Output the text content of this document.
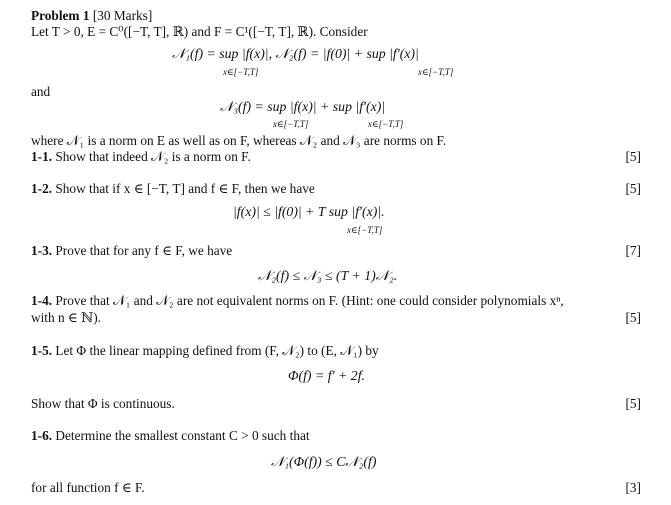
Problem 1 [30 Marks]
Let T > 0, E = C⁰([−T, T], ℝ) and F = C¹([−T, T], ℝ). Consider
𝒩₁(f) = sup |f(x)|, 𝒩₂(f) = |f(0)| + sup |f′(x)|
x∈[−T,T]	x∈[−T,T]
and
𝒩₃(f) = sup |f(x)| + sup |f′(x)|
x∈[−T,T]	x∈[−T,T]
where 𝒩₁ is a norm on E as well as on F, whereas 𝒩₂ and 𝒩₃ are norms on F.
1-1. Show that indeed 𝒩₂ is a norm on F.	[5]
1-2. Show that if x ∈ [−T, T] and f ∈ F, then we have	[5]
|f(x)| ≤ |f(0)| + T sup |f′(x)|.
x∈[−T,T]
1-3. Prove that for any f ∈ F, we have	[7]
𝒩₂(f) ≤ 𝒩₃ ≤ (T + 1)𝒩₂.
1-4. Prove that 𝒩₁ and 𝒩₂ are not equivalent norms on F. (Hint: one could consider polynomials xⁿ,
with n ∈ ℕ).	[5]
1-5. Let Φ the linear mapping defined from (F, 𝒩₂) to (E, 𝒩₁) by
Φ(f) = f′ + 2f.
Show that Φ is continuous.	[5]
1-6. Determine the smallest constant C > 0 such that
𝒩₁(Φ(f)) ≤ C𝒩₂(f)
for all function f ∈ F.	[3]
